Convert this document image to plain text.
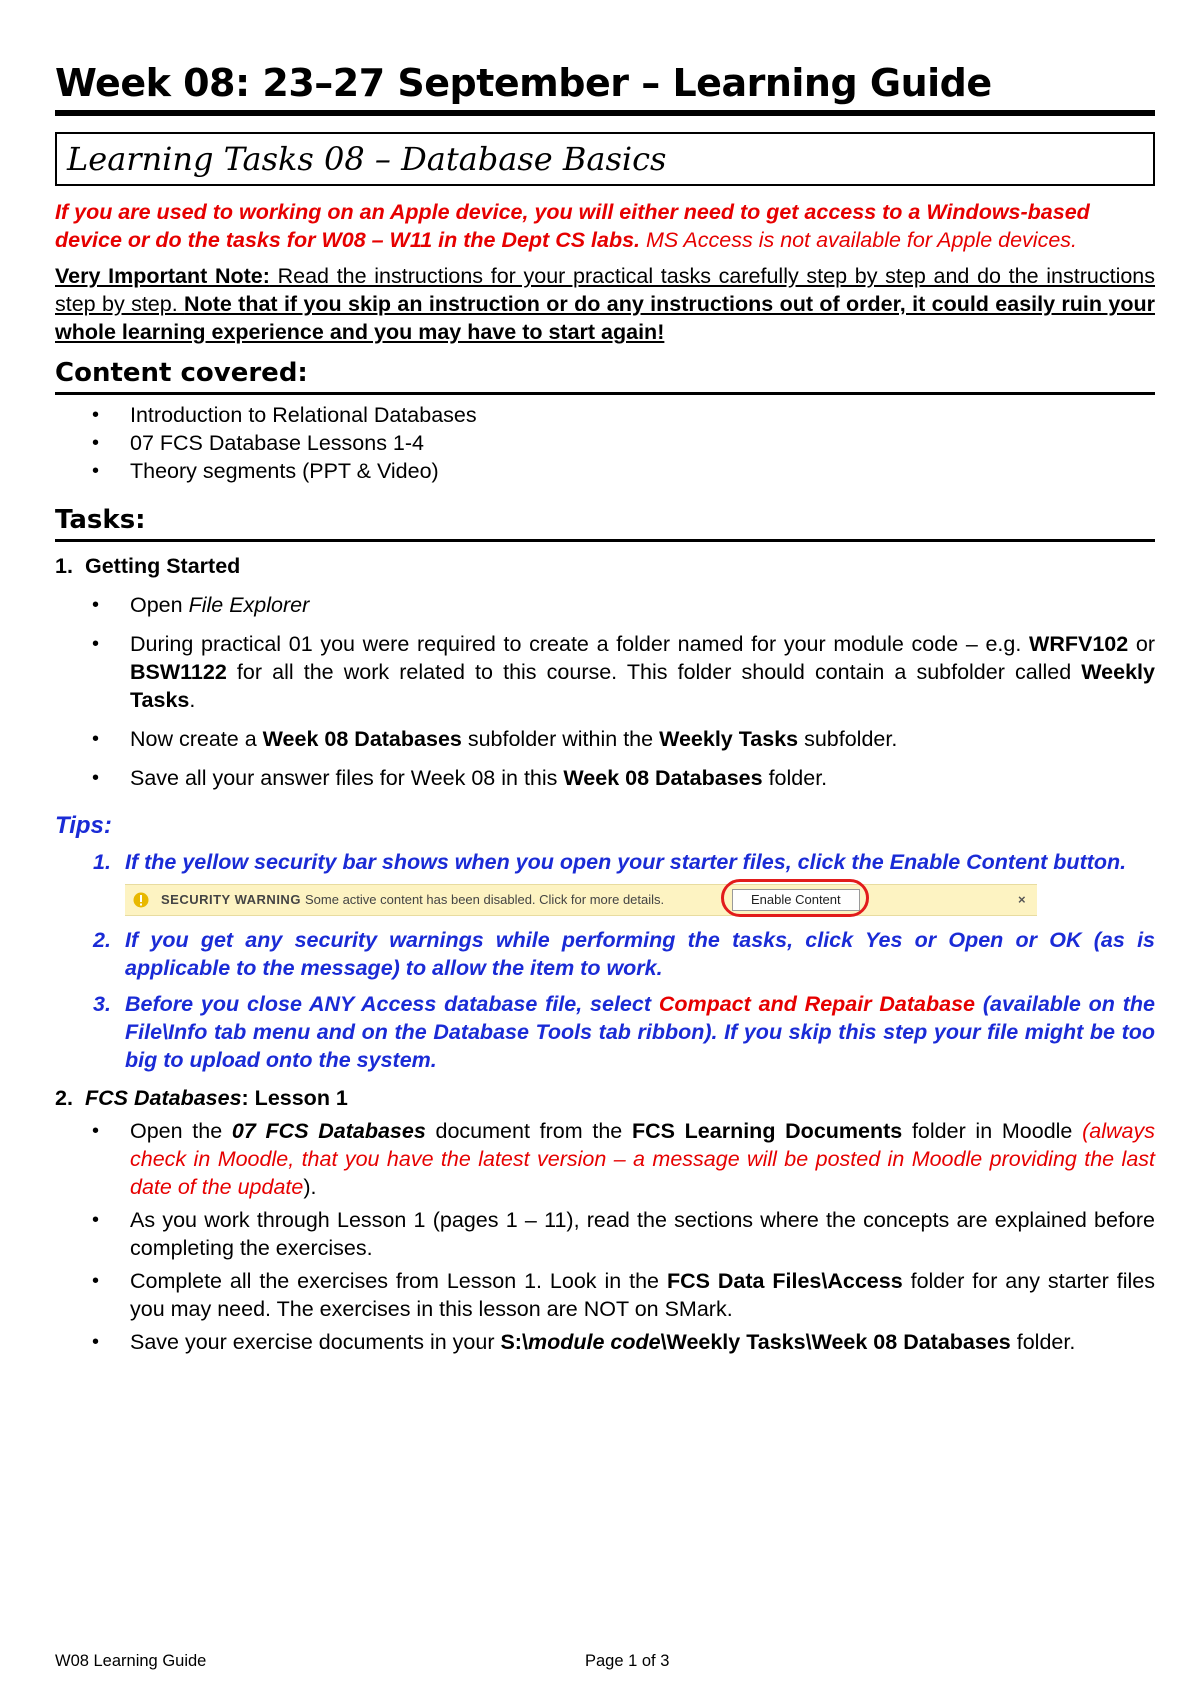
Week 08: 23–27 September – Learning Guide
Learning Tasks 08 – Database Basics

If you are used to working on an Apple device, you will either need to get access to a Windows-based device or do the tasks for W08 – W11 in the Dept CS labs. MS Access is not available for Apple devices.

Very Important Note: Read the instructions for your practical tasks carefully step by step and do the instructions step by step. Note that if you skip an instruction or do any instructions out of order, it could easily ruin your whole learning experience and you may have to start again!

Content covered:
• Introduction to Relational Databases
• 07 FCS Database Lessons 1-4
• Theory segments (PPT & Video)
Tasks:
1. Getting Started
• Open File Explorer
• During practical 01 you were required to create a folder named for your module code – e.g. WRFV102 or BSW1122 for all the work related to this course. This folder should contain a subfolder called Weekly Tasks.
• Now create a Week 08 Databases subfolder within the Weekly Tasks subfolder.
• Save all your answer files for Week 08 in this Week 08 Databases folder.
Tips:
1. If the yellow security bar shows when you open your starter files, click the Enable Content button.
SECURITY WARNING Some active content has been disabled. Click for more details.	Enable Content	×
2. If you get any security warnings while performing the tasks, click Yes or Open or OK (as is applicable to the message) to allow the item to work.
3. Before you close ANY Access database file, select Compact and Repair Database (available on the File\Info tab menu and on the Database Tools tab ribbon). If you skip this step your file might be too big to upload onto the system.
2. FCS Databases: Lesson 1
• Open the 07 FCS Databases document from the FCS Learning Documents folder in Moodle (always check in Moodle, that you have the latest version – a message will be posted in Moodle providing the last date of the update).
• As you work through Lesson 1 (pages 1 – 11), read the sections where the concepts are explained before completing the exercises.
• Complete all the exercises from Lesson 1. Look in the FCS Data Files\Access folder for any starter files you may need. The exercises in this lesson are NOT on SMark.
• Save your exercise documents in your S:\module code\Weekly Tasks\Week 08 Databases folder.
W08 Learning Guide	Page 1 of 3
